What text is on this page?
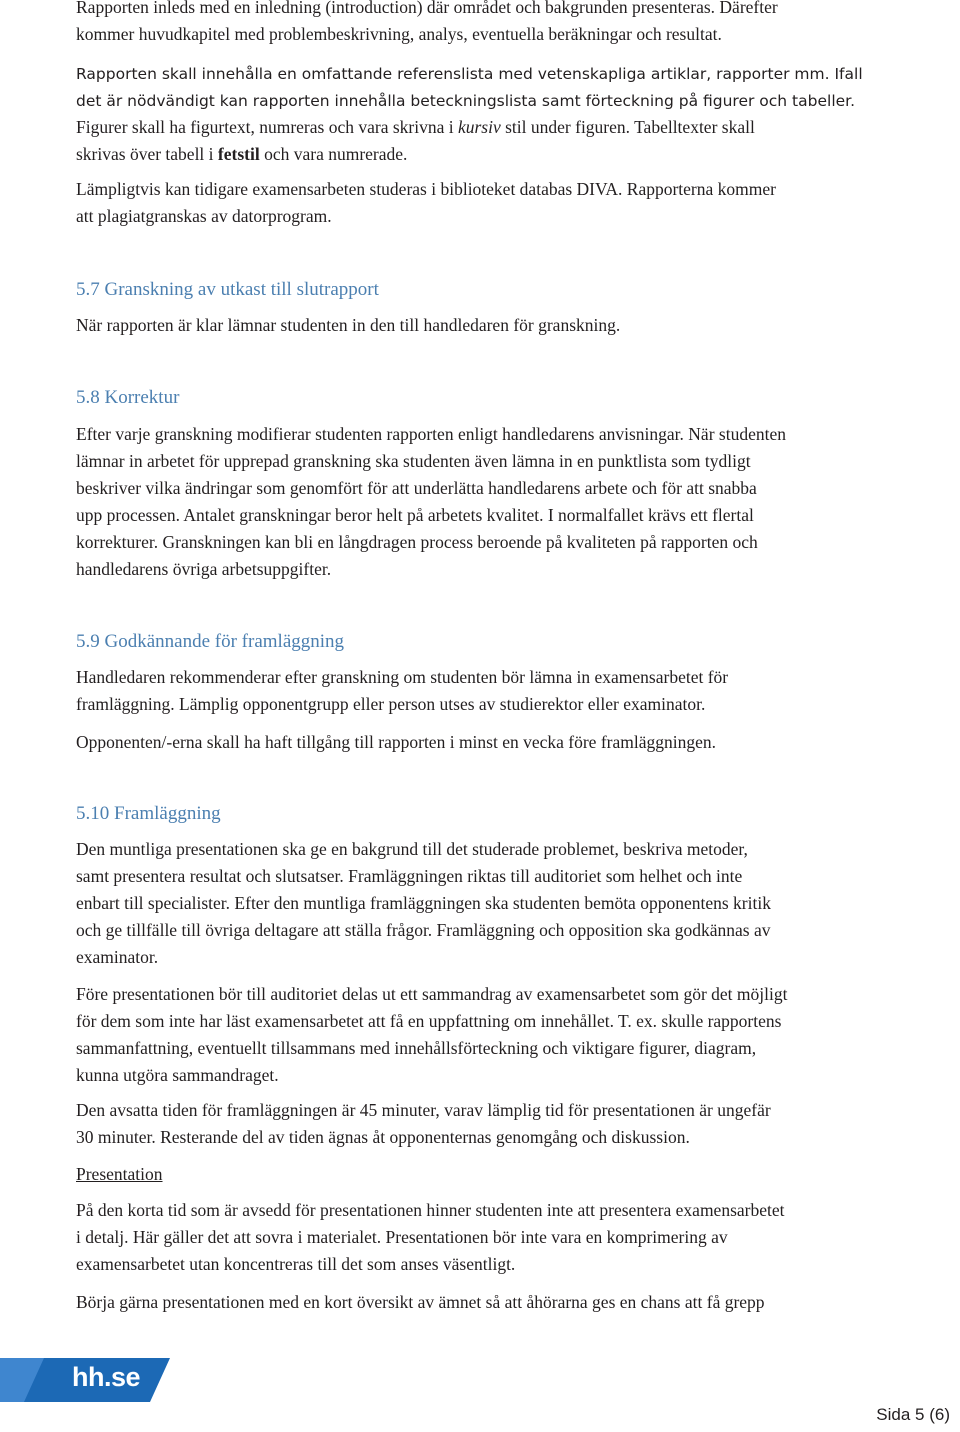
Rapporten inleds med en inledning (introduction) där området och bakgrunden presenteras. Därefter

kommer huvudkapitel med problembeskrivning, analys, eventuella beräkningar och resultat.

Rapporten skall innehålla en omfattande referenslista med vetenskapliga artiklar, rapporter mm. Ifall

det är nödvändigt kan rapporten innehålla beteckningslista samt förteckning på figurer och tabeller.

Figurer skall ha figurtext, numreras och vara skrivna i kursiv stil under figuren. Tabelltexter skall

skrivas över tabell i fetstil och vara numrerade.

Lämpligtvis kan tidigare examensarbeten studeras i biblioteket databas DIVA. Rapporterna kommer

att plagiatgranskas av datorprogram.

5.7 Granskning av utkast till slutrapport

När rapporten är klar lämnar studenten in den till handledaren för granskning.

5.8 Korrektur

Efter varje granskning modifierar studenten rapporten enligt handledarens anvisningar. När studenten

lämnar in arbetet för upprepad granskning ska studenten även lämna in en punktlista som tydligt

beskriver vilka ändringar som genomfört för att underlätta handledarens arbete och för att snabba

upp processen. Antalet granskningar beror helt på arbetets kvalitet. I normalfallet krävs ett flertal

korrekturer. Granskningen kan bli en långdragen process beroende på kvaliteten på rapporten och

handledarens övriga arbetsuppgifter.

5.9 Godkännande för framläggning

Handledaren rekommenderar efter granskning om studenten bör lämna in examensarbetet för

framläggning. Lämplig opponentgrupp eller person utses av studierektor eller examinator.

Opponenten/-erna skall ha haft tillgång till rapporten i minst en vecka före framläggningen.

5.10 Framläggning

Den muntliga presentationen ska ge en bakgrund till det studerade problemet, beskriva metoder,

samt presentera resultat och slutsatser. Framläggningen riktas till auditoriet som helhet och inte

enbart till specialister. Efter den muntliga framläggningen ska studenten bemöta opponentens kritik

och ge tillfälle till övriga deltagare att ställa frågor. Framläggning och opposition ska godkännas av

examinator.

Före presentationen bör till auditoriet delas ut ett sammandrag av examensarbetet som gör det möjligt

för dem som inte har läst examensarbetet att få en uppfattning om innehållet. T. ex. skulle rapportens

sammanfattning, eventuellt tillsammans med innehållsförteckning och viktigare figurer, diagram,

kunna utgöra sammandraget.

Den avsatta tiden för framläggningen är 45 minuter, varav lämplig tid för presentationen är ungefär

30 minuter. Resterande del av tiden ägnas åt opponenternas genomgång och diskussion.

Presentation

På den korta tid som är avsedd för presentationen hinner studenten inte att presentera examensarbetet

i detalj. Här gäller det att sovra i materialet. Presentationen bör inte vara en komprimering av

examensarbetet utan koncentreras till det som anses väsentligt.

Börja gärna presentationen med en kort översikt av ämnet så att åhörarna ges en chans att få grepp

hh.se
Sida 5 (6)
